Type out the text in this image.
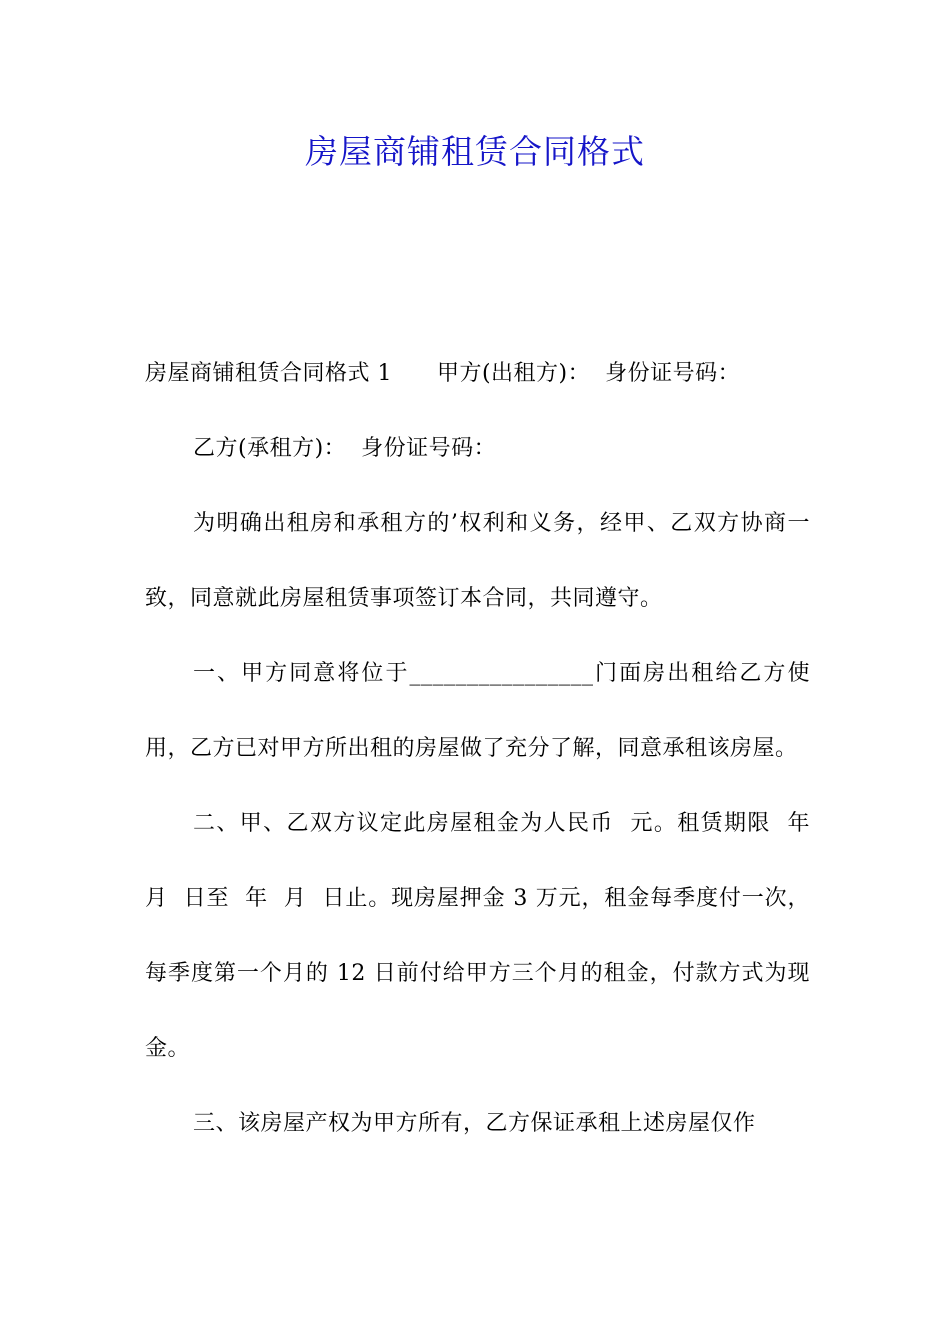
房屋商铺租赁合同格式

房屋商铺租赁合同格式 1      甲方(出租方)：  身份证号码：

乙方(承租方)：  身份证号码：

为明确出租房和承租方的’权利和义务，经甲、乙双方协商一致，同意就此房屋租赁事项签订本合同，共同遵守。

一、甲方同意将位于________________门面房出租给乙方使用，乙方已对甲方所出租的房屋做了充分了解，同意承租该房屋。

二、甲、乙双方议定此房屋租金为人民币  元。租赁期限  年  月  日至  年  月  日止。现房屋押金 3 万元，租金每季度付一次，每季度第一个月的 12 日前付给甲方三个月的租金，付款方式为现金。

三、该房屋产权为甲方所有，乙方保证承租上述房屋仅作
